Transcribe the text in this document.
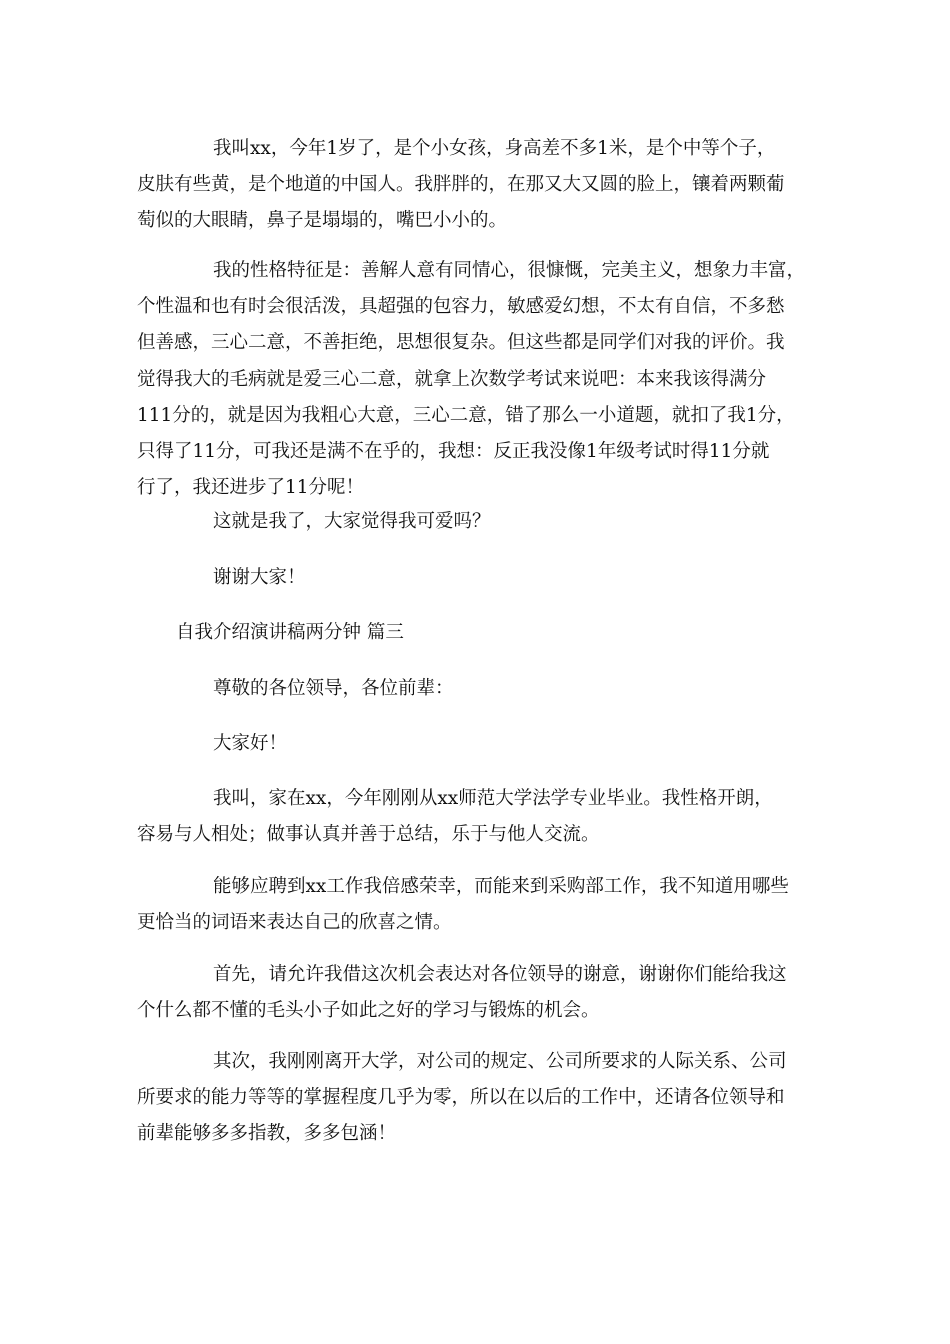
我叫xx，今年1岁了，是个小女孩，身高差不多1米，是个中等个子，
皮肤有些黄，是个地道的中国人。我胖胖的，在那又大又圆的脸上，镶着两颗葡
萄似的大眼睛，鼻子是塌塌的，嘴巴小小的。
我的性格特征是：善解人意有同情心，很慷慨，完美主义，想象力丰富，
个性温和也有时会很活泼，具超强的包容力，敏感爱幻想，不太有自信，不多愁
但善感，三心二意，不善拒绝，思想很复杂。但这些都是同学们对我的评价。我
觉得我大的毛病就是爱三心二意，就拿上次数学考试来说吧：本来我该得满分
111分的，就是因为我粗心大意，三心二意，错了那么一小道题，就扣了我1分，
只得了11分，可我还是满不在乎的，我想：反正我没像1年级考试时得11分就
行了，我还进步了11分呢！
这就是我了，大家觉得我可爱吗？
谢谢大家！
自我介绍演讲稿两分钟 篇三
尊敬的各位领导，各位前辈：
大家好！
我叫，家在xx，今年刚刚从xx师范大学法学专业毕业。我性格开朗，
容易与人相处；做事认真并善于总结，乐于与他人交流。
能够应聘到xx工作我倍感荣幸，而能来到采购部工作，我不知道用哪些
更恰当的词语来表达自己的欣喜之情。
首先，请允许我借这次机会表达对各位领导的谢意，谢谢你们能给我这
个什么都不懂的毛头小子如此之好的学习与锻炼的机会。
其次，我刚刚离开大学，对公司的规定、公司所要求的人际关系、公司
所要求的能力等等的掌握程度几乎为零，所以在以后的工作中，还请各位领导和
前辈能够多多指教，多多包涵！
